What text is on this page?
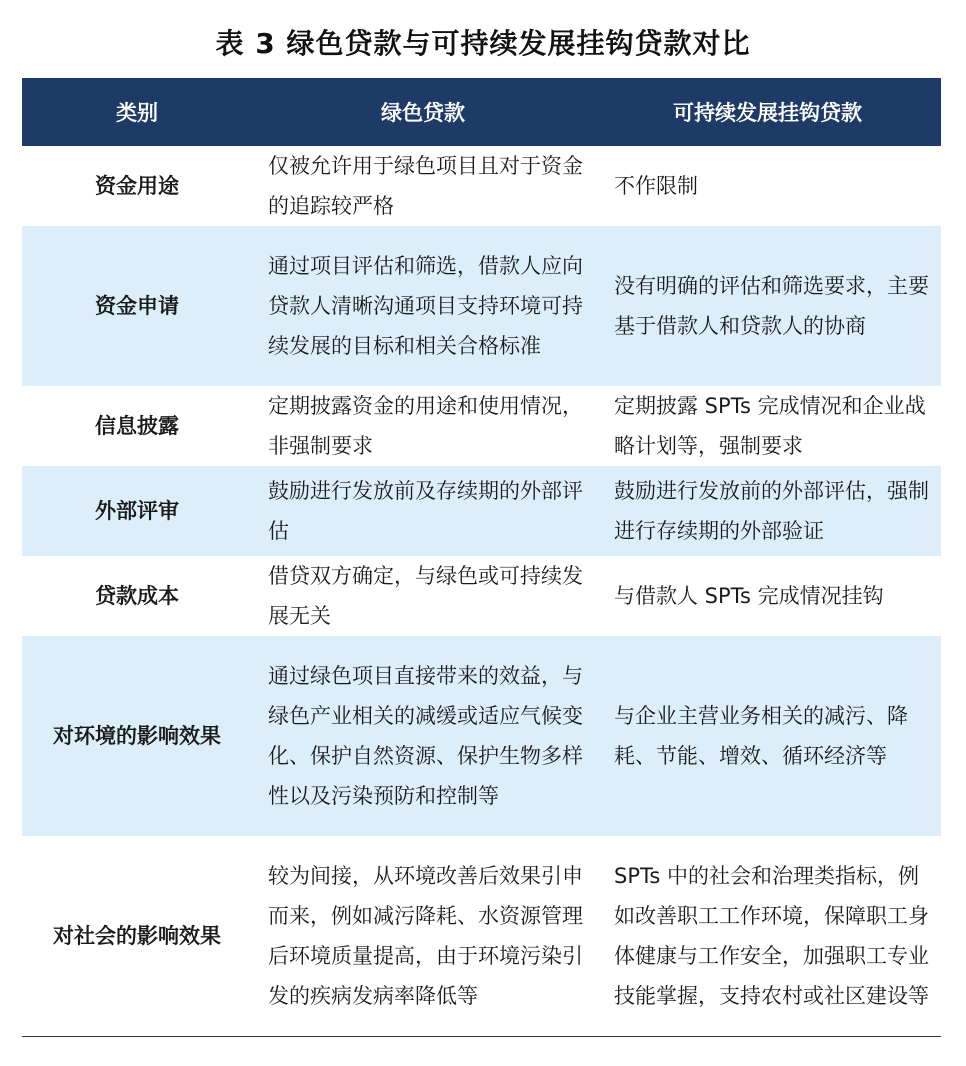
表 3 绿色贷款与可持续发展挂钩贷款对比
类别	绿色贷款	可持续发展挂钩贷款
资金用途	仅被允许用于绿色项目且对于资金的追踪较严格	不作限制
资金申请	通过项目评估和筛选，借款人应向贷款人清晰沟通项目支持环境可持续发展的目标和相关合格标准	没有明确的评估和筛选要求，主要基于借款人和贷款人的协商
信息披露	定期披露资金的用途和使用情况，非强制要求	定期披露 SPTs 完成情况和企业战略计划等，强制要求
外部评审	鼓励进行发放前及存续期的外部评估	鼓励进行发放前的外部评估，强制进行存续期的外部验证
贷款成本	借贷双方确定，与绿色或可持续发展无关	与借款人 SPTs 完成情况挂钩
对环境的影响效果	通过绿色项目直接带来的效益，与绿色产业相关的减缓或适应气候变化、保护自然资源、保护生物多样性以及污染预防和控制等	与企业主营业务相关的减污、降耗、节能、增效、循环经济等
对社会的影响效果	较为间接，从环境改善后效果引申而来，例如减污降耗、水资源管理后环境质量提高，由于环境污染引发的疾病发病率降低等	SPTs 中的社会和治理类指标，例如改善职工工作环境，保障职工身体健康与工作安全，加强职工专业技能掌握，支持农村或社区建设等
